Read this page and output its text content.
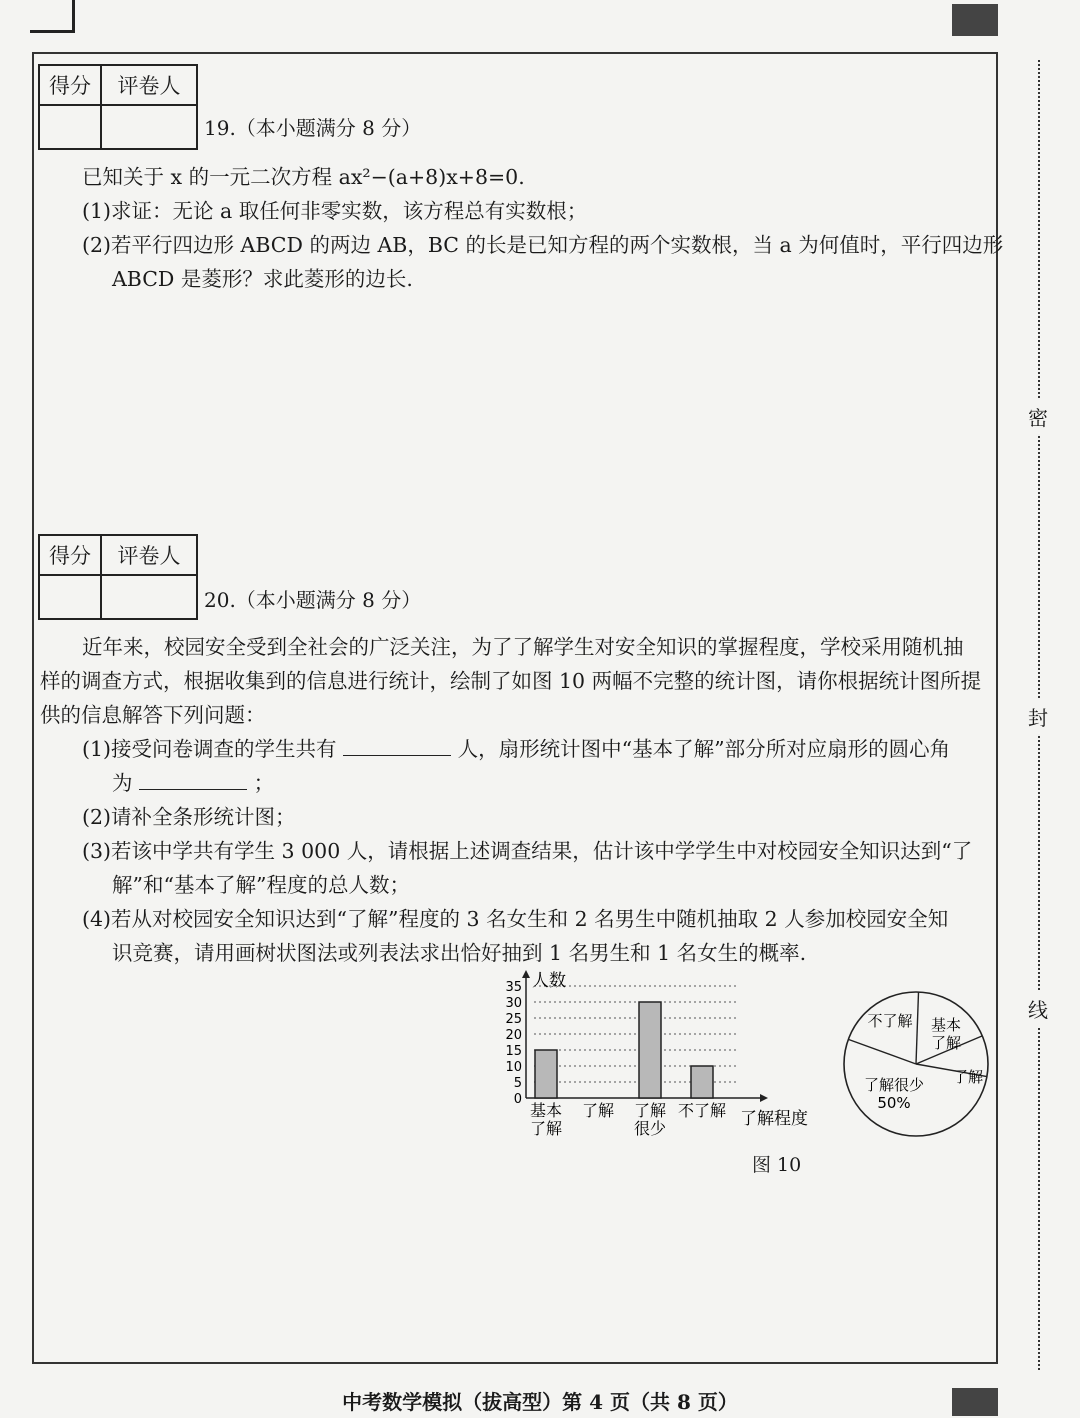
密
封
线
得分	评卷人

19.（本小题满分 8 分）
已知关于 x 的一元二次方程 ax²−(a+8)x+8=0.
(1)求证：无论 a 取任何非零实数，该方程总有实数根；
(2)若平行四边形 ABCD 的两边 AB，BC 的长是已知方程的两个实数根，当 a 为何值时，平行四边形
ABCD 是菱形？求此菱形的边长.
得分	评卷人

20.（本小题满分 8 分）
近年来，校园安全受到全社会的广泛关注，为了了解学生对安全知识的掌握程度，学校采用随机抽
样的调查方式，根据收集到的信息进行统计，绘制了如图 10 两幅不完整的统计图，请你根据统计图所提
供的信息解答下列问题：
(1)接受问卷调查的学生共有	人，扇形统计图中“基本了解”部分所对应扇形的圆心角
为	；
(2)请补全条形统计图；
(3)若该中学共有学生 3 000 人，请根据上述调查结果，估计该中学学生中对校园安全知识达到“了
解”和“基本了解”程度的总人数；
(4)若从对校园安全知识达到“了解”程度的 3 名女生和 2 名男生中随机抽取 2 人参加校园安全知
识竞赛，请用画树状图法或列表法求出恰好抽到 1 名男生和 1 名女生的概率.
0
5
10
15
20
25
30
35 人数
了解程度
基本
了解
了解 了解
很少
不了解
不了解 基本
了解
了解
了解很少
50%
图 10
中考数学模拟（拔高型）第 4 页（共 8 页）
